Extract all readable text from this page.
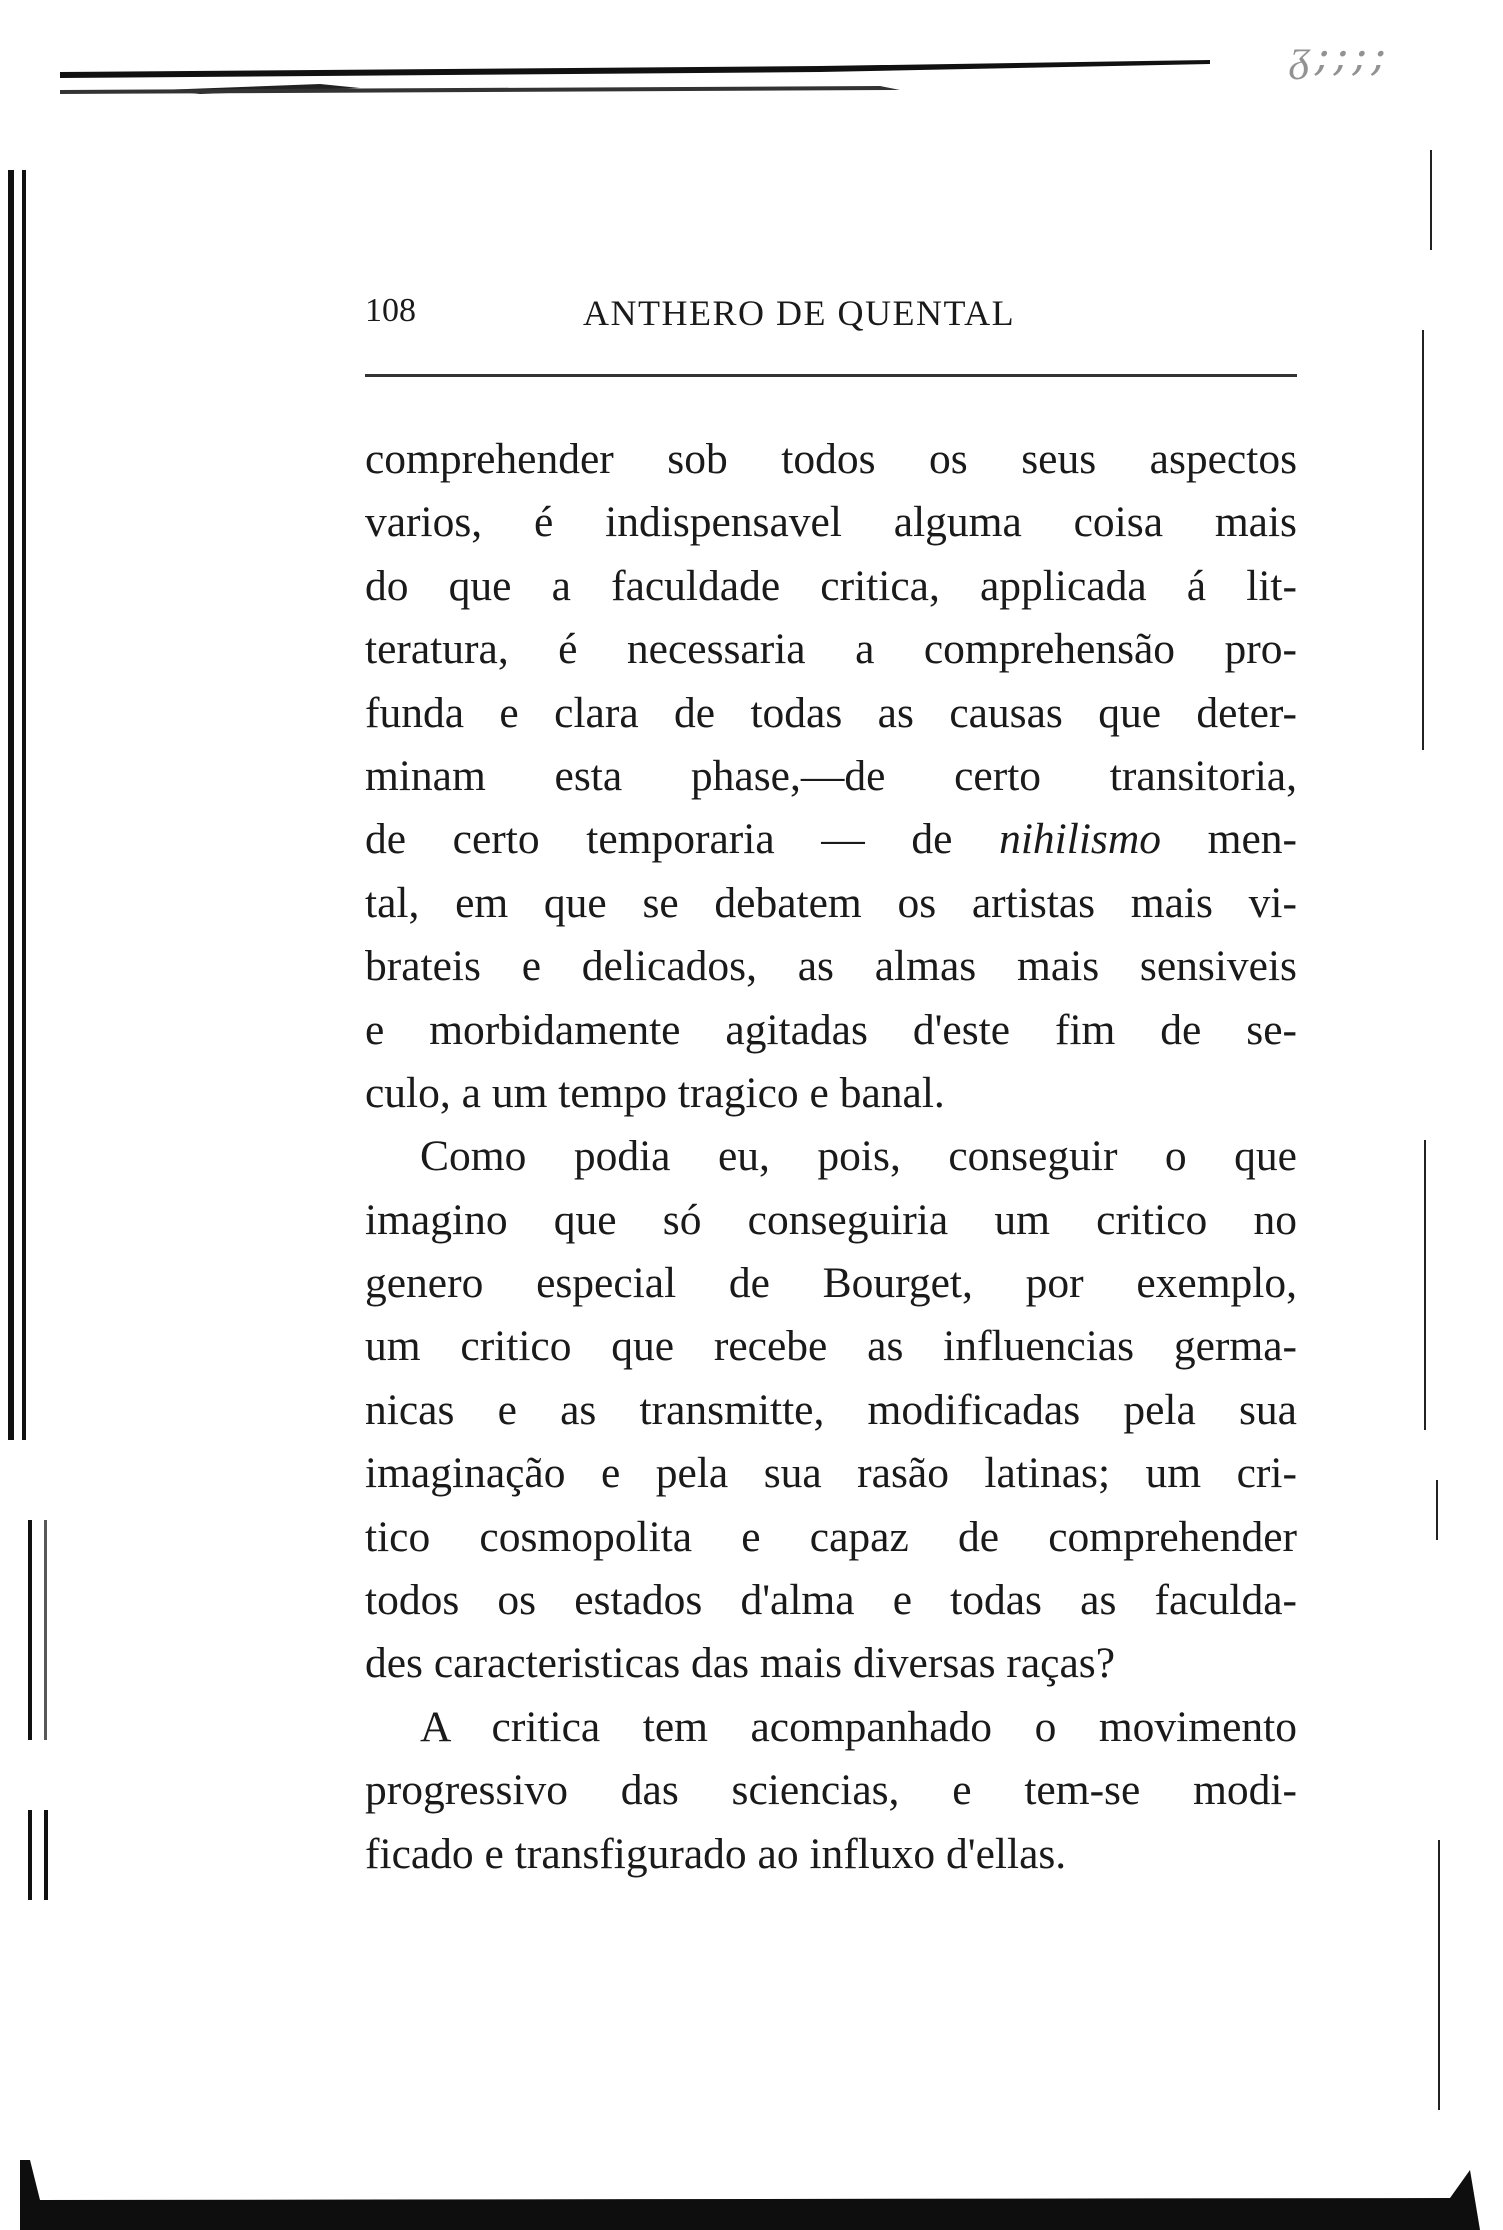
ᵹ;;;;
108	ANTHERO DE QUENTAL
comprehender sob todos os seus aspectos
varios, é indispensavel alguma coisa mais
do que a faculdade critica, applicada á lit-
teratura, é necessaria a comprehensão pro-
funda e clara de todas as causas que deter-
minam esta phase,—de certo transitoria,
de certo temporaria — de nihilismo men-
tal, em que se debatem os artistas mais vi-
brateis e delicados, as almas mais sensiveis
e morbidamente agitadas d'este fim de se-
culo, a um tempo tragico e banal.
Como podia eu, pois, conseguir o que
imagino que só conseguiria um critico no
genero especial de Bourget, por exemplo,
um critico que recebe as influencias germa-
nicas e as transmitte, modificadas pela sua
imaginação e pela sua rasão latinas; um cri-
tico cosmopolita e capaz de comprehender
todos os estados d'alma e todas as faculda-
des caracteristicas das mais diversas raças?
A critica tem acompanhado o movimento
progressivo das sciencias, e tem-se modi-
ficado e transfigurado ao influxo d'ellas.
